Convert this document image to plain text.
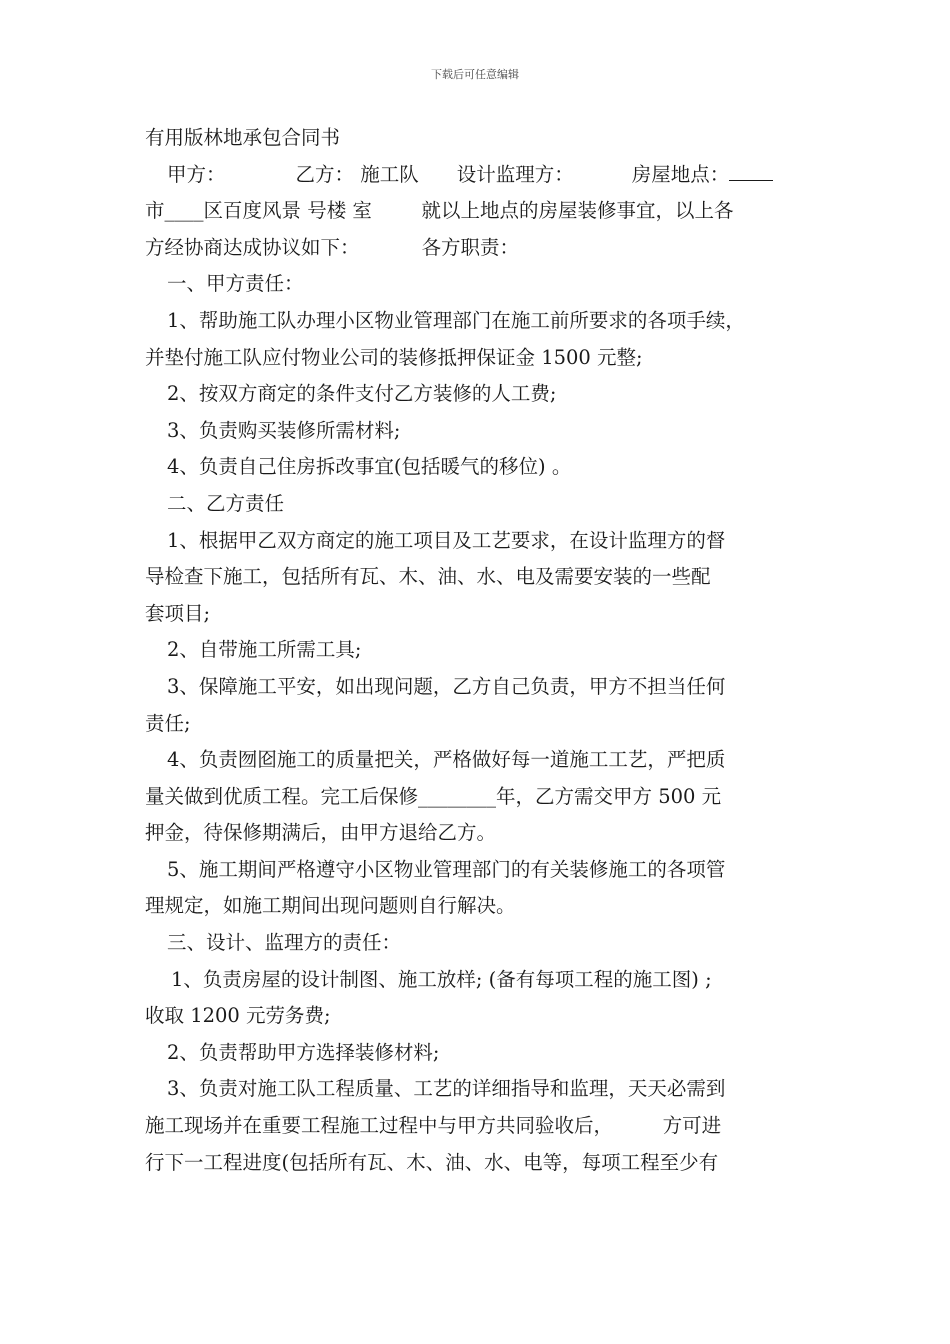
下载后可任意编辑
有用版林地承包合同书
甲方：	乙方： 施工队 设计监理方：	房屋地点：
市____区百度风景 号楼 室        就以上地点的房屋装修事宜，以上各
方经协商达成协议如下：          各方职责：
一、甲方责任：
1、帮助施工队办理小区物业管理部门在施工前所要求的各项手续，
并垫付施工队应付物业公司的装修抵押保证金 1500 元整;
2、按双方商定的条件支付乙方装修的人工费;
3、负责购买装修所需材料;
4、负责自己住房拆改事宜(包括暖气的移位) 。
二、乙方责任
1、根据甲乙双方商定的施工项目及工艺要求，在设计监理方的督
导检查下施工，包括所有瓦、木、油、水、电及需要安装的一些配
套项目;
2、自带施工所需工具;
3、保障施工平安，如出现问题，乙方自己负责，甲方不担当任何
责任;
4、负责囫囵施工的质量把关，严格做好每一道施工工艺，严把质
量关做到优质工程。完工后保修________年，乙方需交甲方 500 元
押金，待保修期满后，由甲方退给乙方。
5、施工期间严格遵守小区物业管理部门的有关装修施工的各项管
理规定，如施工期间出现问题则自行解决。
三、设计、监理方的责任：
1、负责房屋的设计制图、施工放样; (备有每项工程的施工图) ;
收取 1200 元劳务费;
2、负责帮助甲方选择装修材料;
3、负责对施工队工程质量、工艺的详细指导和监理，天天必需到
施工现场并在重要工程施工过程中与甲方共同验收后，        方可进
行下一工程进度(包括所有瓦、木、油、水、电等，每项工程至少有
